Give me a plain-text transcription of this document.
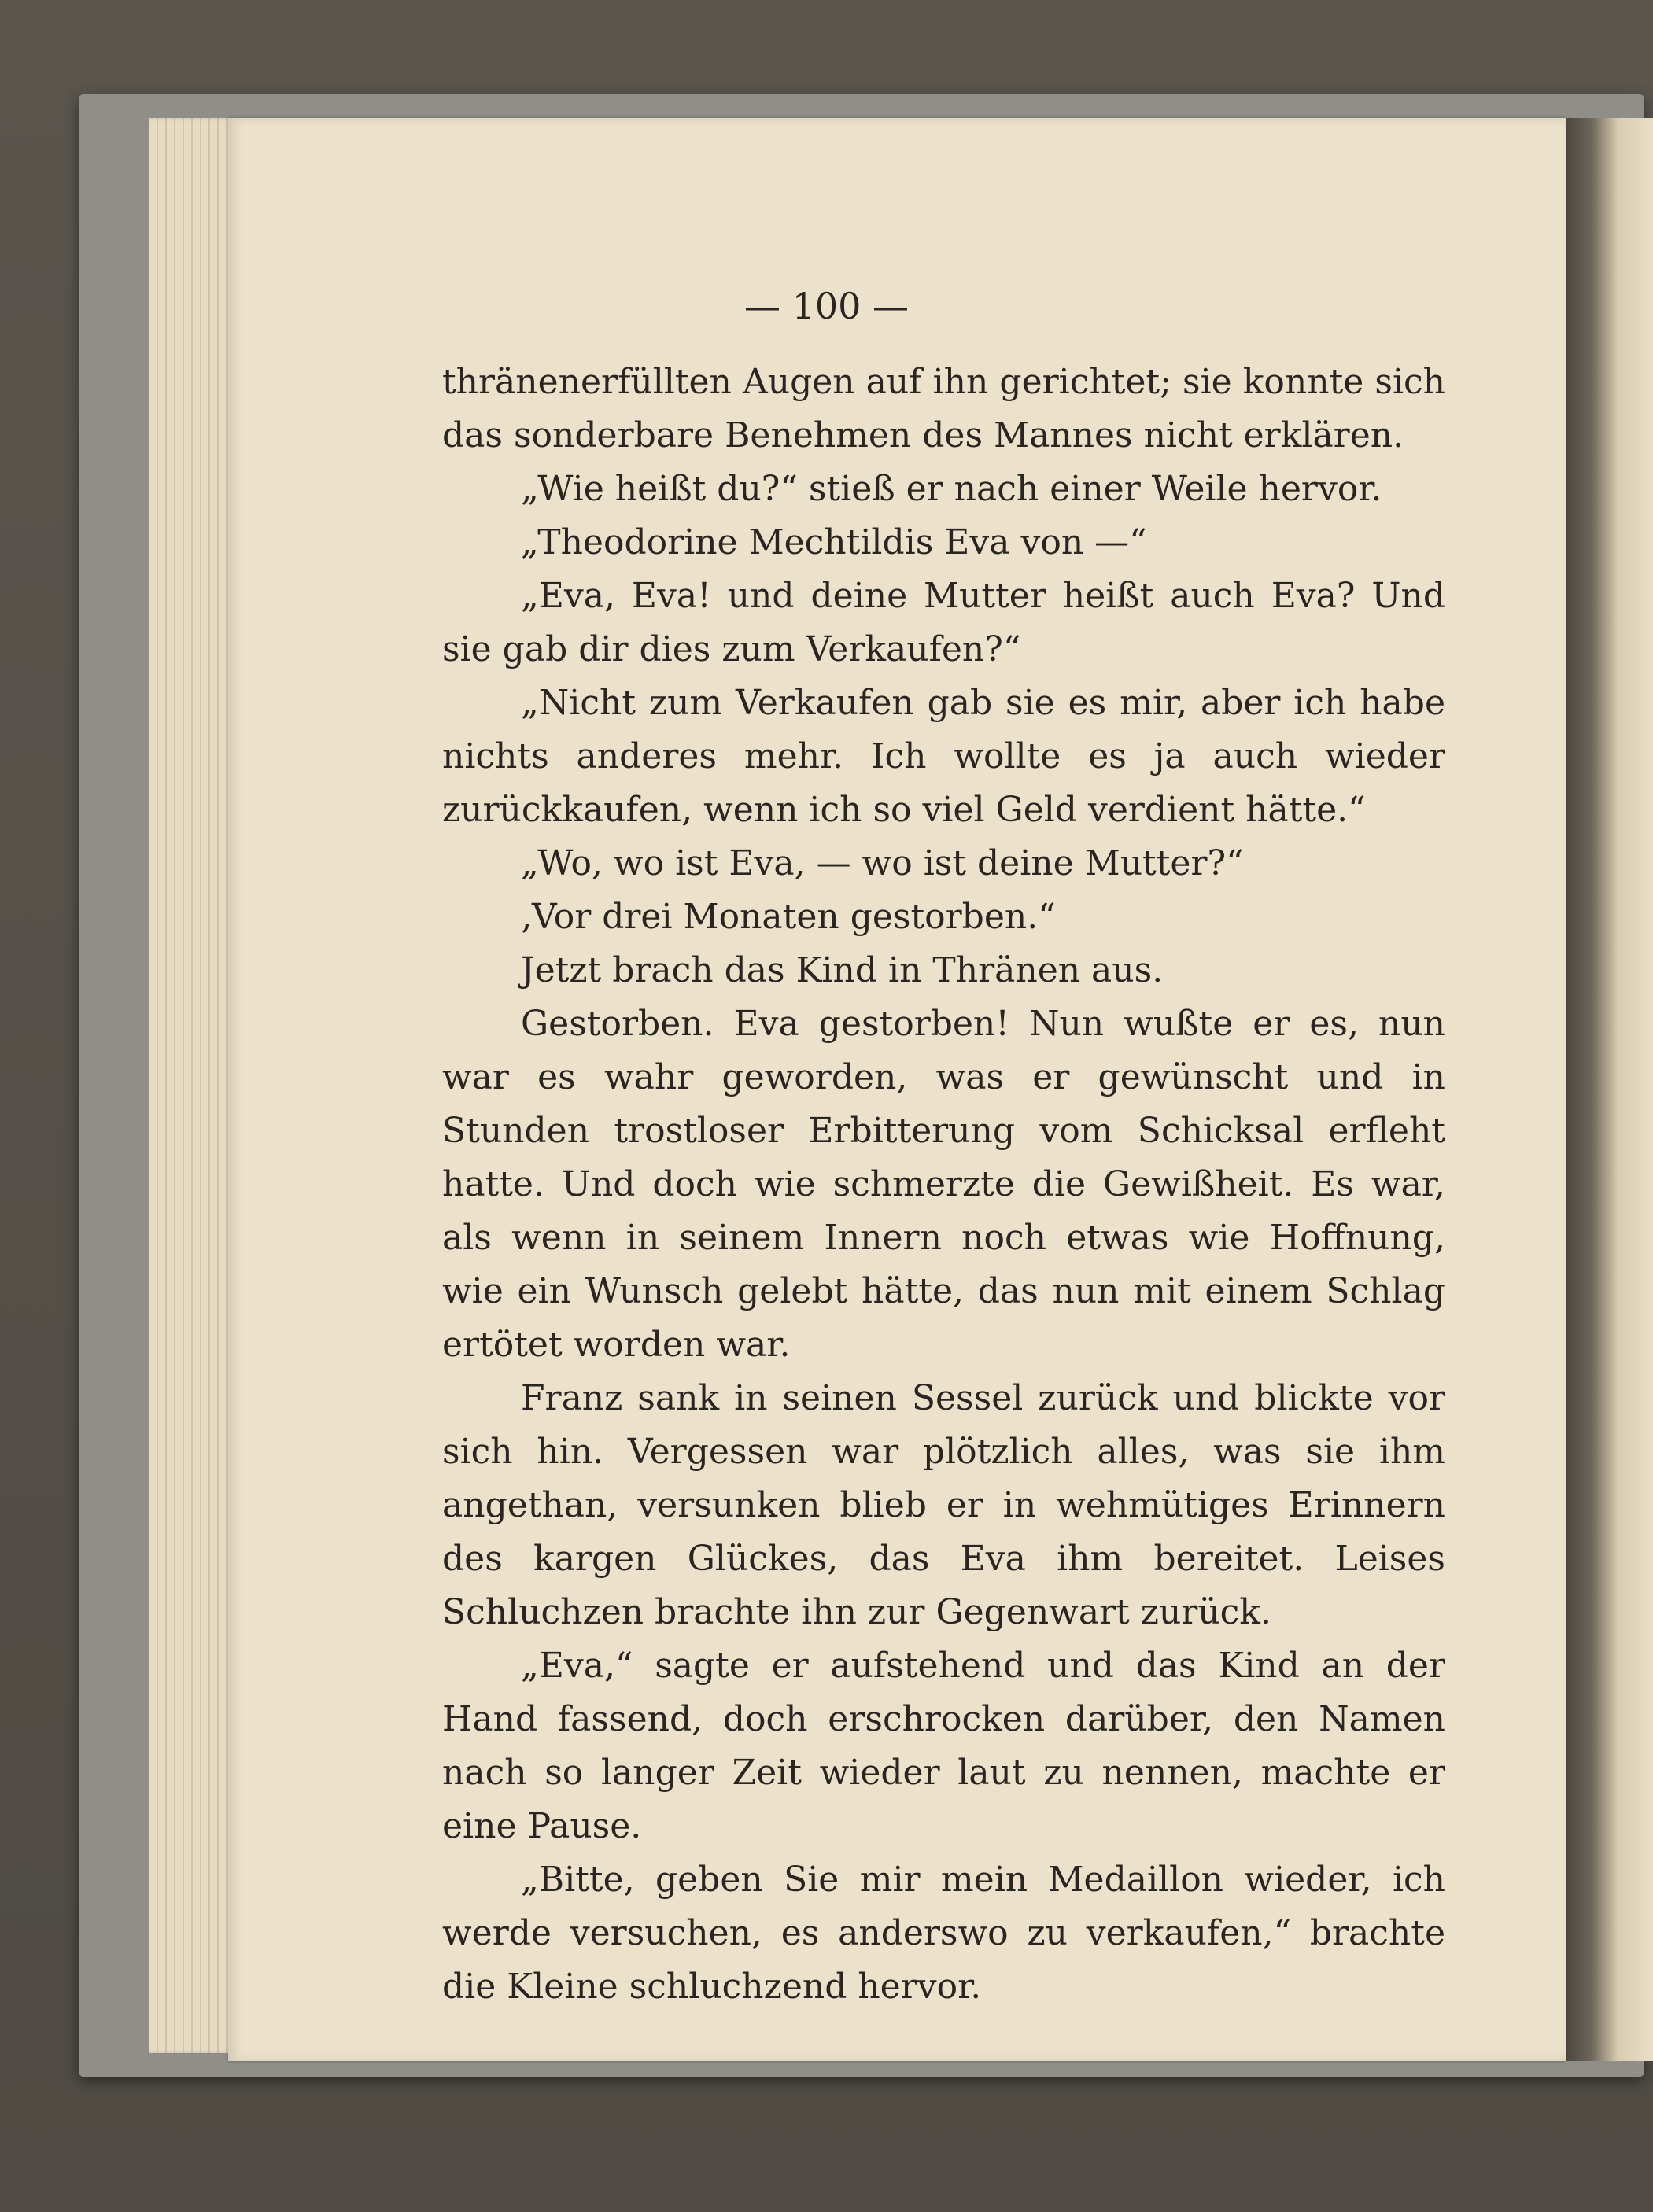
— 100 —

thränenerfüllten Augen auf ihn gerichtet; sie konnte sich das sonderbare Benehmen des Mannes nicht erklären.

„Wie heißt du?“ stieß er nach einer Weile hervor.

„Theodorine Mechtildis Eva von —“

„Eva, Eva! und deine Mutter heißt auch Eva? Und sie gab dir dies zum Verkaufen?“

„Nicht zum Verkaufen gab sie es mir, aber ich habe nichts anderes mehr. Ich wollte es ja auch wieder zurückkaufen, wenn ich so viel Geld verdient hätte.“

„Wo, wo ist Eva, — wo ist deine Mutter?“

‚Vor drei Monaten gestorben.“

Jetzt brach das Kind in Thränen aus.

Gestorben. Eva gestorben! Nun wußte er es, nun war es wahr geworden, was er gewünscht und in Stunden trostloser Erbitterung vom Schicksal erfleht hatte. Und doch wie schmerzte die Gewißheit. Es war, als wenn in seinem Innern noch etwas wie Hoffnung, wie ein Wunsch gelebt hätte, das nun mit einem Schlag ertötet worden war.

Franz sank in seinen Sessel zurück und blickte vor sich hin. Vergessen war plötzlich alles, was sie ihm angethan, versunken blieb er in wehmütiges Erinnern des kargen Glückes, das Eva ihm bereitet. Leises Schluchzen brachte ihn zur Gegenwart zurück.

„Eva,“ sagte er aufstehend und das Kind an der Hand fassend, doch erschrocken darüber, den Namen nach so langer Zeit wieder laut zu nennen, machte er eine Pause.

„Bitte, geben Sie mir mein Medaillon wieder, ich werde versuchen, es anderswo zu verkaufen,“ brachte die Kleine schluchzend hervor.
